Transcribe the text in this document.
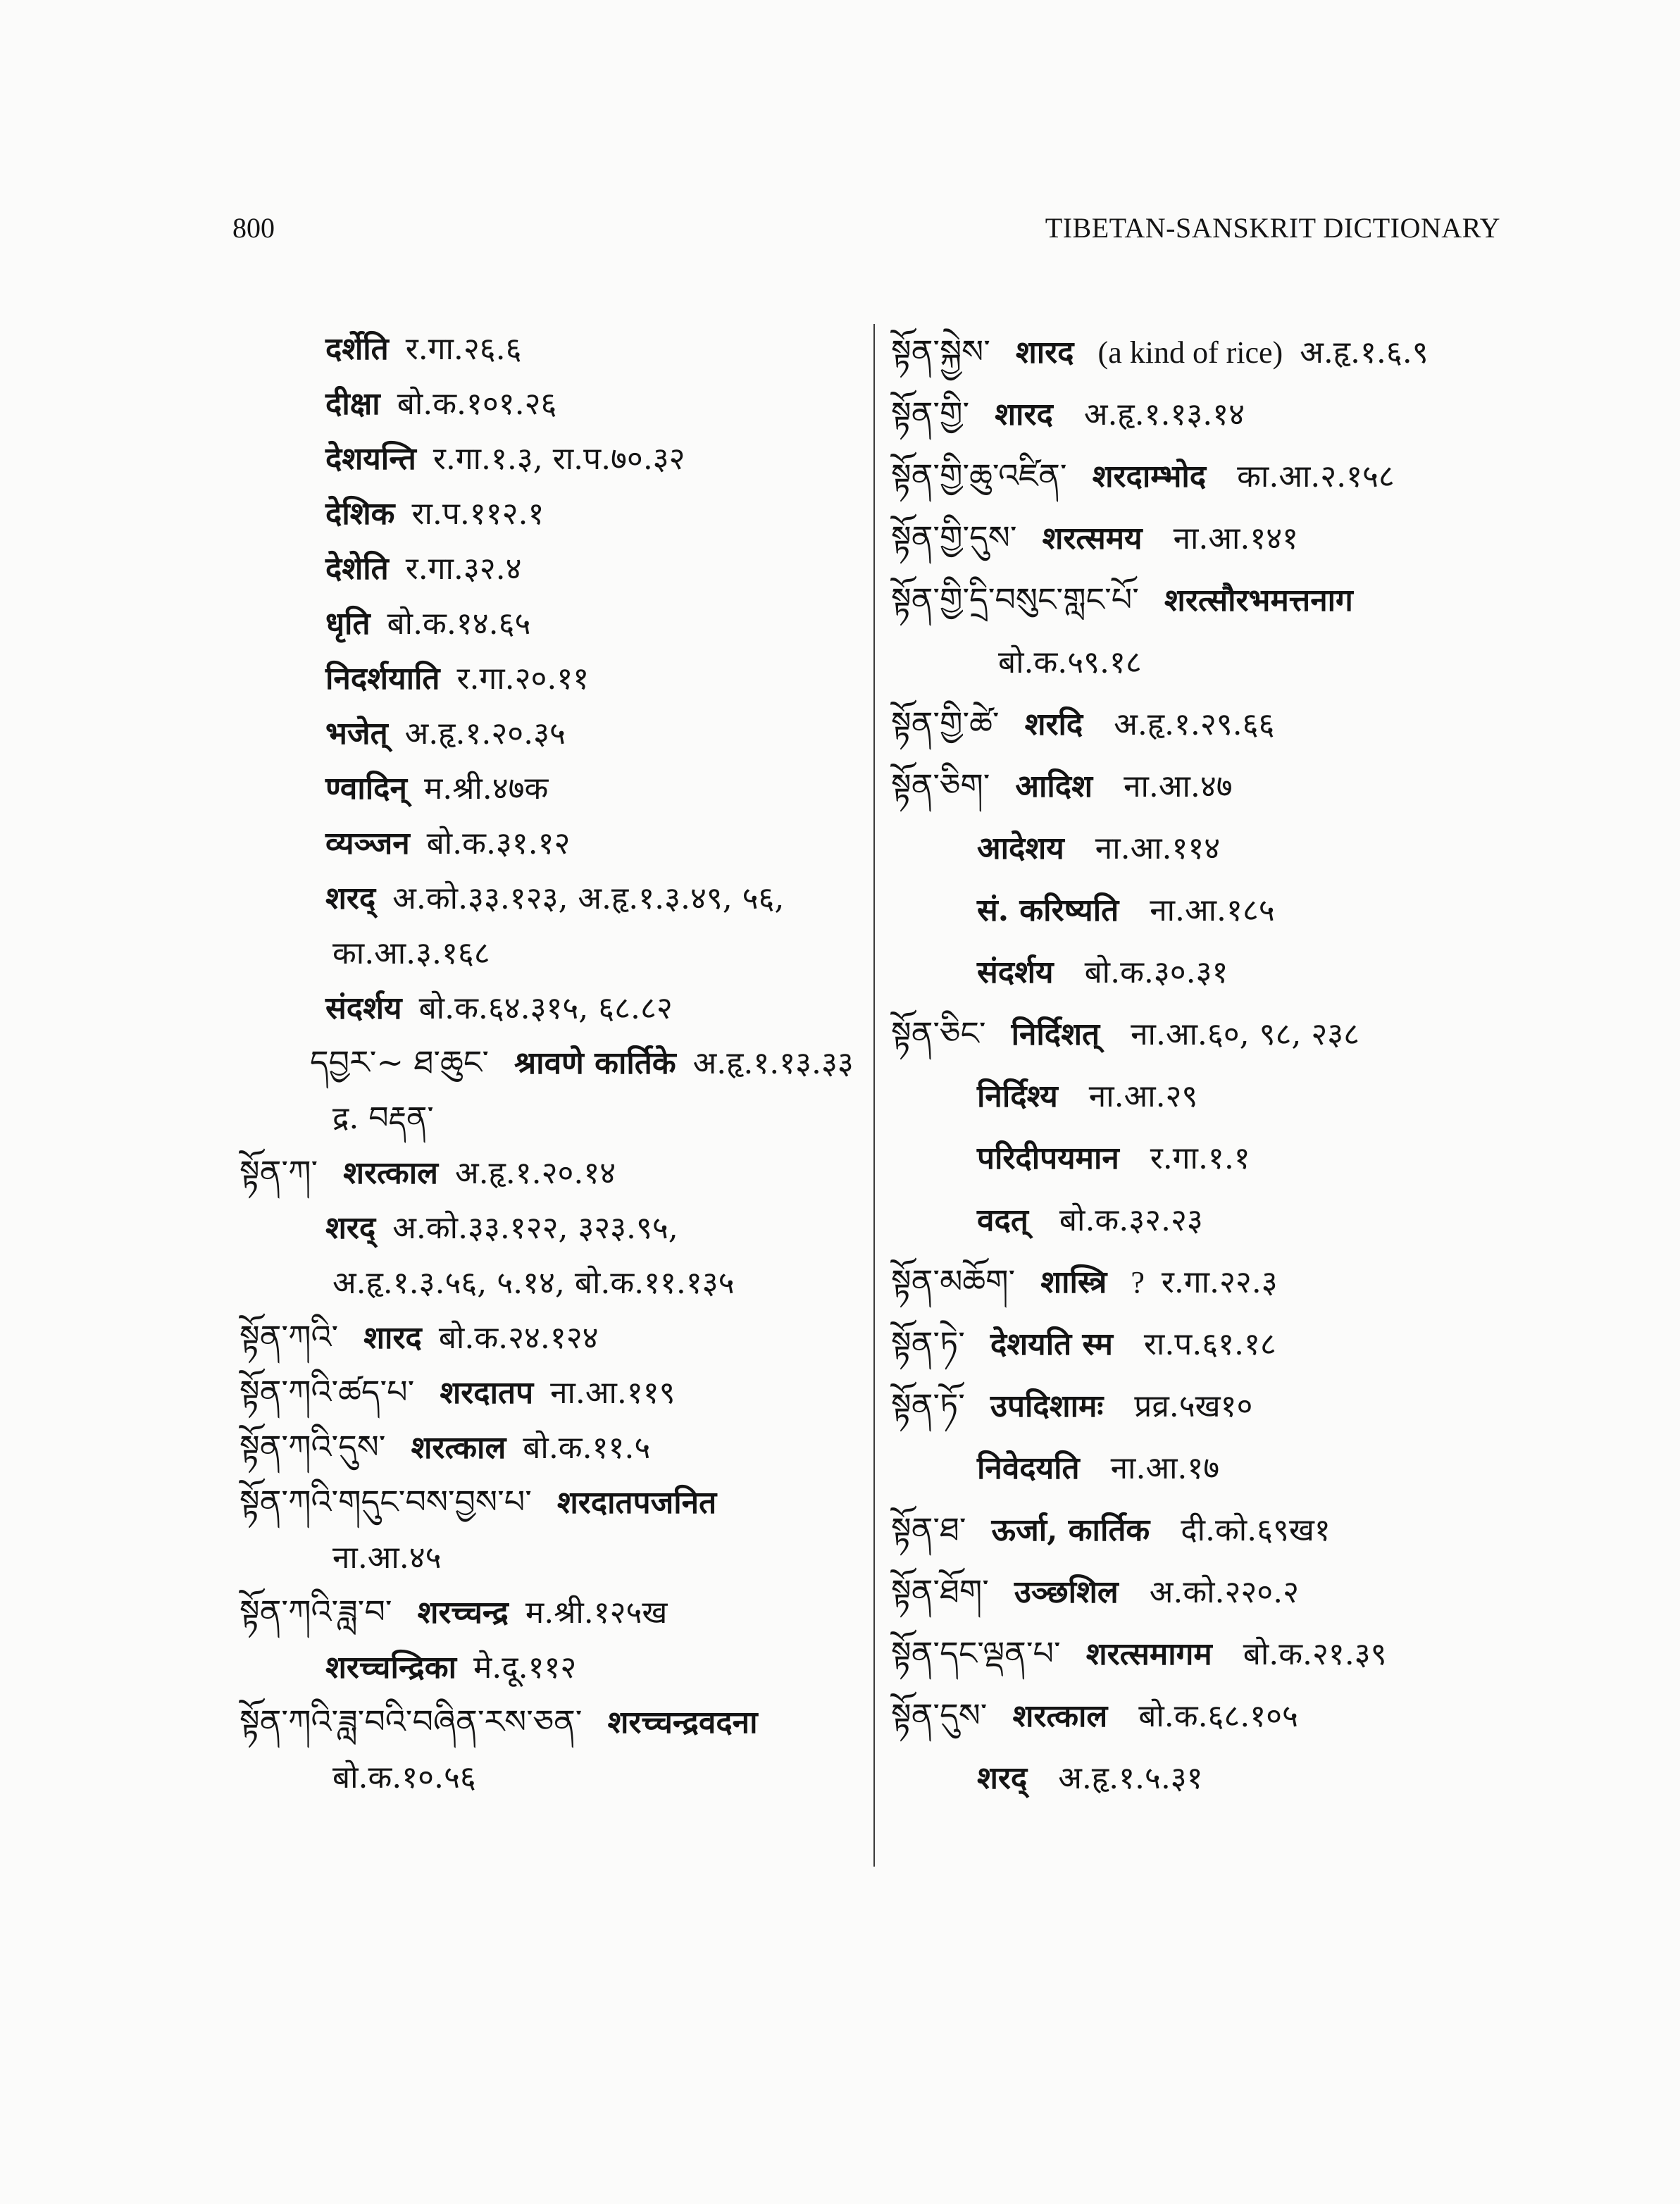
800	TIBETAN-SANSKRIT DICTIONARY
दर्शेति र.गा.२६.६
दीक्षा बो.क.१०१.२६
देशयन्ति र.गा.१.३, रा.प.७०.३२
देशिक रा.प.११२.१
देशेति र.गा.३२.४
धृति बो.क.१४.६५
निदर्शयाति र.गा.२०.११
भजेत् अ.हृ.१.२०.३५
ण्वादिन् म.श्री.४७क
व्यञ्जन बो.क.३१.१२
शरद् अ.को.३३.१२३, अ.हृ.१.३.४९, ५६,
का.आ.३.१६८
संदर्शय बो.क.६४.३१५, ६८.८२
དབྱར་~ ཐ་ཆུང་ श्रावणे कार्तिके अ.हृ.१.१३.३३
द्र. བརྡན་
སྟོན་ཀ་ शरत्काल अ.हृ.१.२०.१४
शरद् अ.को.३३.१२२, ३२३.९५,
अ.हृ.१.३.५६, ५.१४, बो.क.११.१३५
སྟོན་ཀའི་ शारद बो.क.२४.१२४
སྟོན་ཀའི་ཚད་པ་ शरदातप ना.आ.११९
སྟོན་ཀའི་དུས་ शरत्काल बो.क.११.५
སྟོན་ཀའི་གདུང་བས་བྱས་པ་ शरदातपजनित
ना.आ.४५
སྟོན་ཀའི་ཟླ་བ་ शरच्चन्द्र म.श्री.१२५ख
शरच्चन्द्रिका मे.दू.११२
སྟོན་ཀའི་ཟླ་བའི་བཞིན་རས་ཅན་ शरच्चन्द्रवदना
बो.क.१०.५६
སྟོན་སྐྱེས་ शारद (a kind of rice) अ.हृ.१.६.९
སྟོན་གྱི་ शारद अ.हृ.१.१३.१४
སྟོན་གྱི་ཆུ་འཛིན་ शरदाम्भोद का.आ.२.१५८
སྟོན་གྱི་དུས་ शरत्समय ना.आ.१४१
སྟོན་གྱི་དྲི་བསུང་གླང་པོ་ शरत्सौरभमत्तनाग
बो.क.५९.१८
སྟོན་གྱི་ཚེ་ शरदि अ.हृ.१.२९.६६
སྟོན་ཅིག་ आदिश ना.आ.४७
आदेशय ना.आ.११४
सं. करिष्यति ना.आ.१८५
संदर्शय बो.क.३०.३१
སྟོན་ཅིང་ निर्दिशत् ना.आ.६०, ९८, २३८
निर्दिश्य ना.आ.२९
परिदीपयमान र.गा.१.१
वदत् बो.क.३२.२३
སྟོན་མཆོག་ शास्त्रि ? र.गा.२२.३
སྟོན་ཏེ་ देशयति स्म रा.प.६१.१८
སྟོན་ཏོ་ उपदिशामः प्रव्र.५ख१०
निवेदयति ना.आ.१७
སྟོན་ཐ་ ऊर्जा, कार्तिक दी.को.६९ख१
སྟོན་ཐོག་ उञ्छशिल अ.को.२२०.२
སྟོན་དང་ལྡན་པ་ शरत्समागम बो.क.२१.३९
སྟོན་དུས་ शरत्काल बो.क.६८.१०५
शरद् अ.हृ.१.५.३१
